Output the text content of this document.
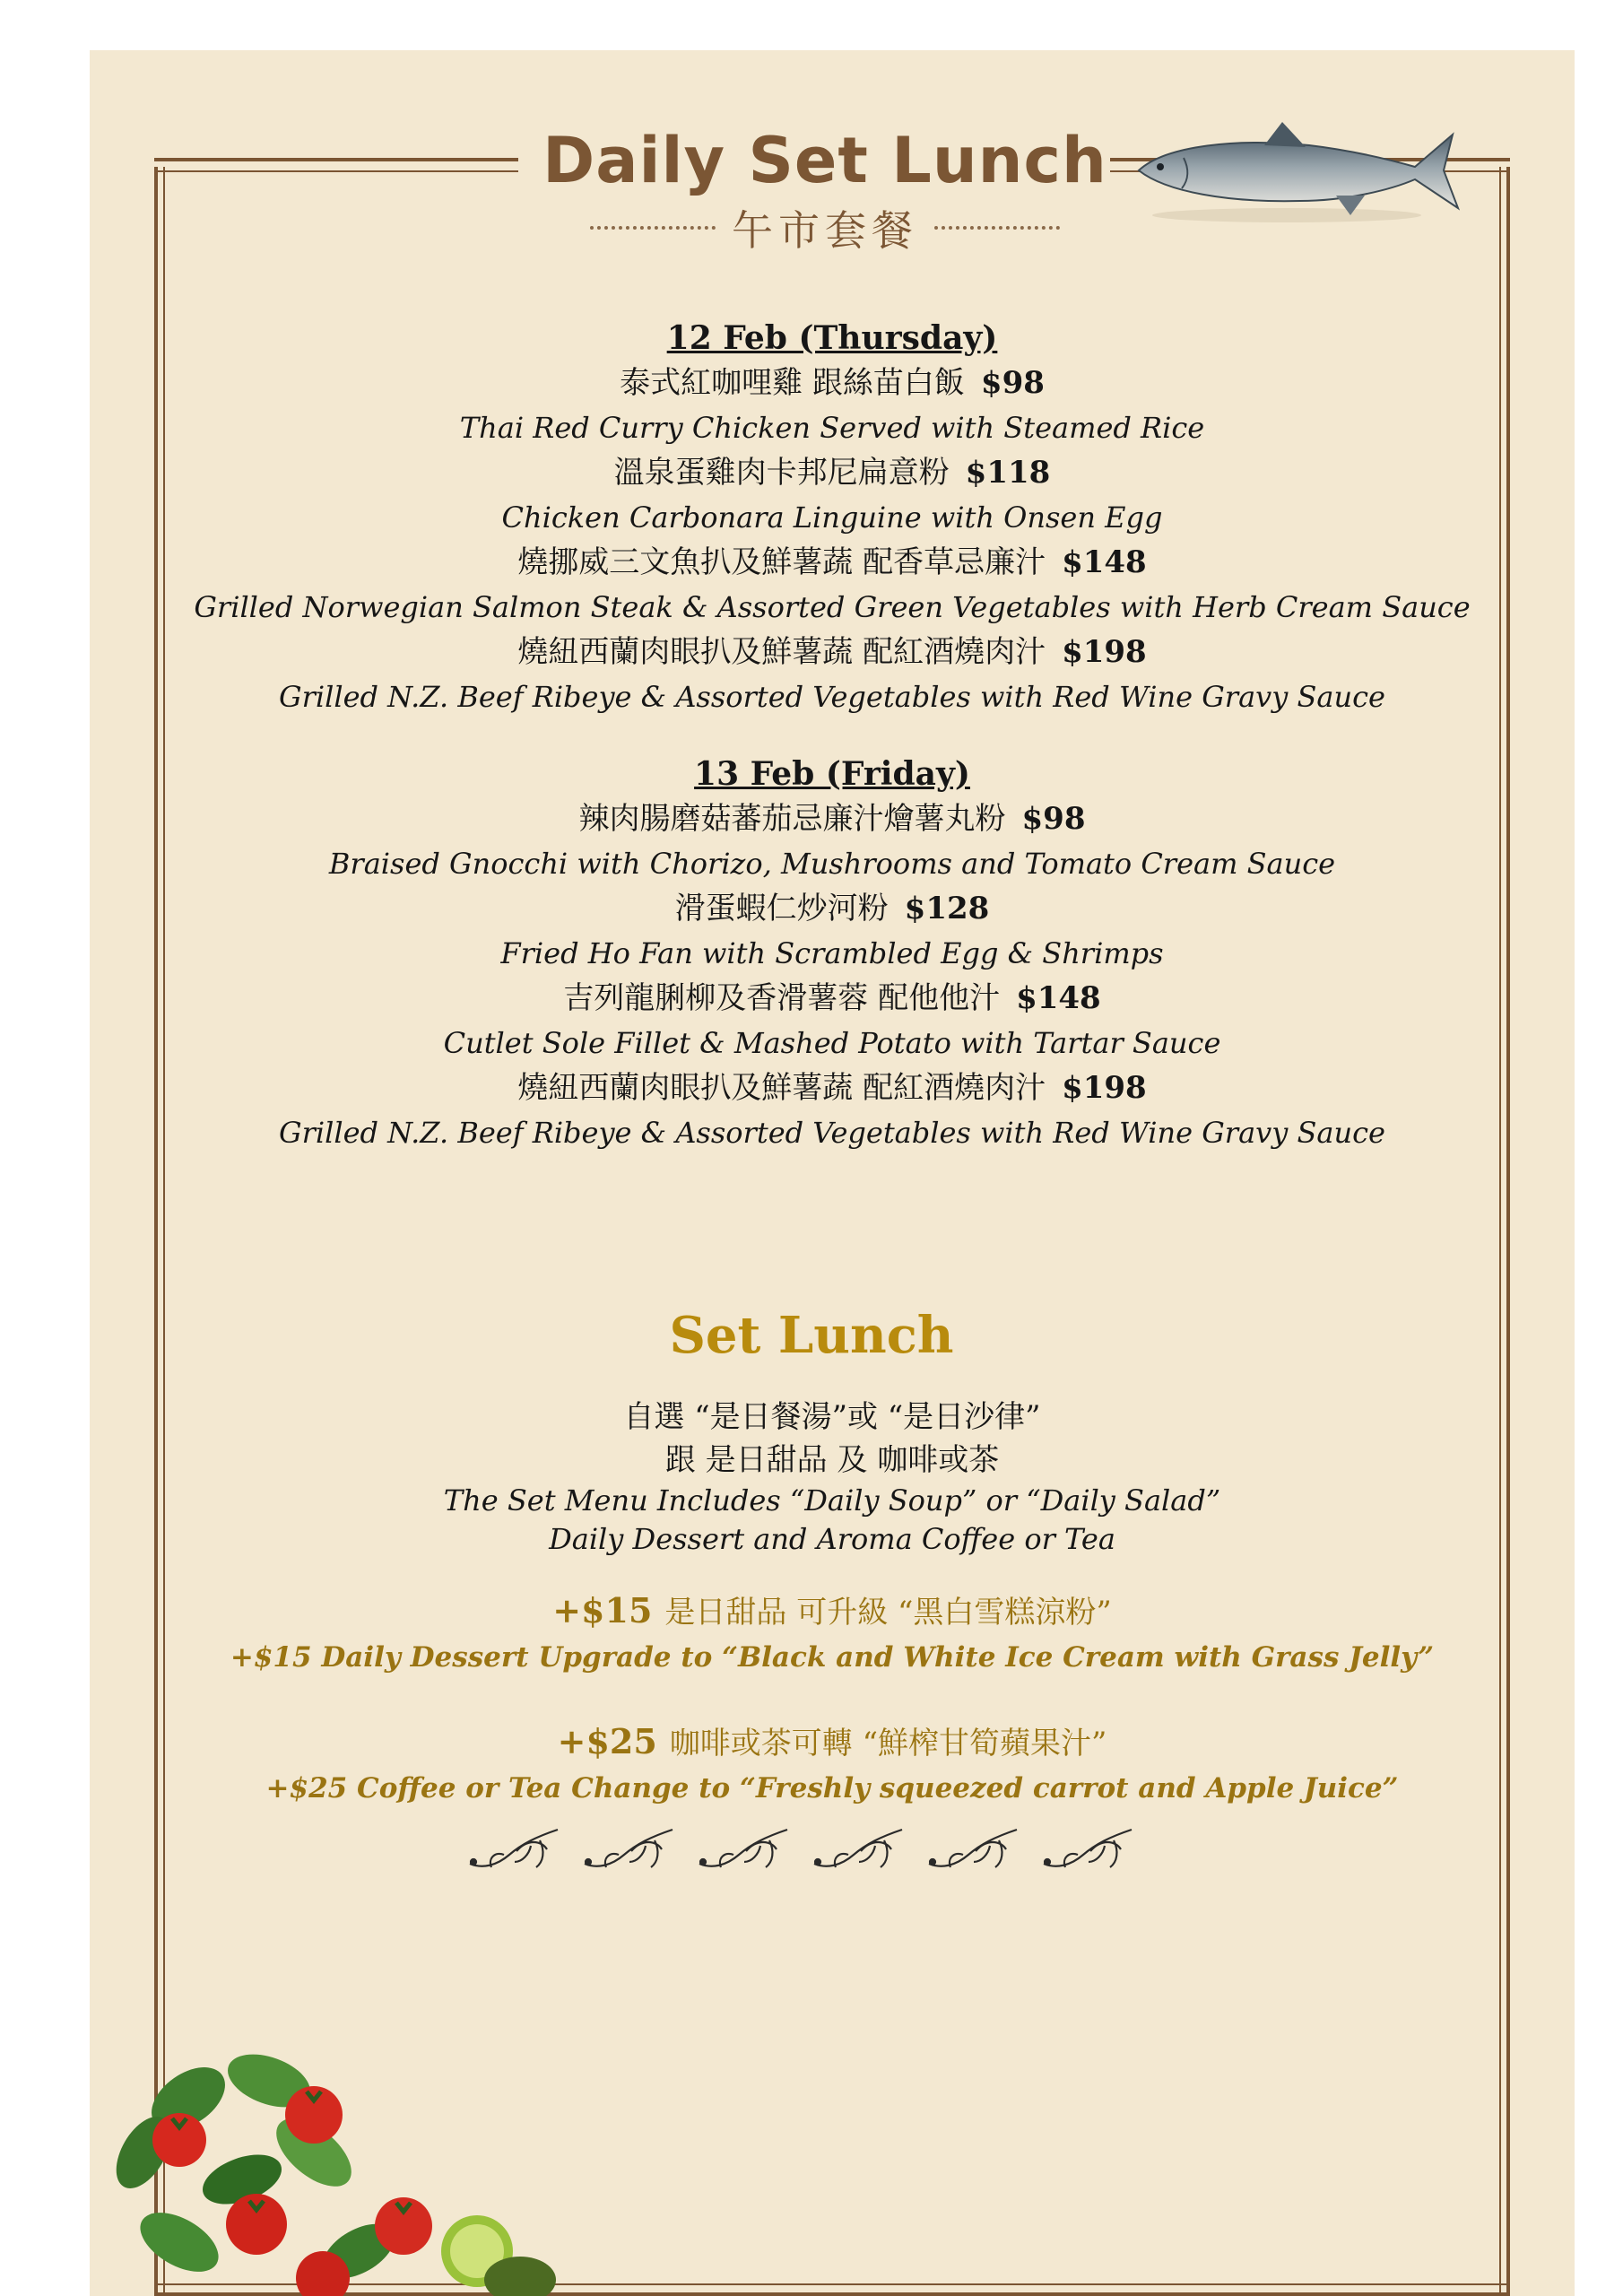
Daily Set Lunch
午市套餐
12 Feb (Thursday)
泰式紅咖哩雞 跟絲苗白飯 $98
Thai Red Curry Chicken Served with Steamed Rice
溫泉蛋雞肉卡邦尼扁意粉 $118
Chicken Carbonara Linguine with Onsen Egg
燒挪威三文魚扒及鮮薯蔬 配香草忌廉汁 $148
Grilled Norwegian Salmon Steak & Assorted Green Vegetables with Herb Cream Sauce
燒紐西蘭肉眼扒及鮮薯蔬 配紅酒燒肉汁 $198
Grilled N.Z. Beef Ribeye & Assorted Vegetables with Red Wine Gravy Sauce
13 Feb (Friday)
辣肉腸磨菇蕃茄忌廉汁燴薯丸粉 $98
Braised Gnocchi with Chorizo, Mushrooms and Tomato Cream Sauce
滑蛋蝦仁炒河粉 $128
Fried Ho Fan with Scrambled Egg & Shrimps
吉列龍脷柳及香滑薯蓉 配他他汁 $148
Cutlet Sole Fillet & Mashed Potato with Tartar Sauce
燒紐西蘭肉眼扒及鮮薯蔬 配紅酒燒肉汁 $198
Grilled N.Z. Beef Ribeye & Assorted Vegetables with Red Wine Gravy Sauce
Set Lunch
自選 “是日餐湯”或 “是日沙律”
跟 是日甜品 及 咖啡或茶
The Set Menu Includes “Daily Soup” or “Daily Salad”
Daily Dessert and Aroma Coffee or Tea
+$15 是日甜品 可升級 “黑白雪糕涼粉”
+$15 Daily Dessert Upgrade to “Black and White Ice Cream with Grass Jelly”
+$25 咖啡或茶可轉 “鮮榨甘筍蘋果汁”
+$25 Coffee or Tea Change to “Freshly squeezed carrot and Apple Juice”
